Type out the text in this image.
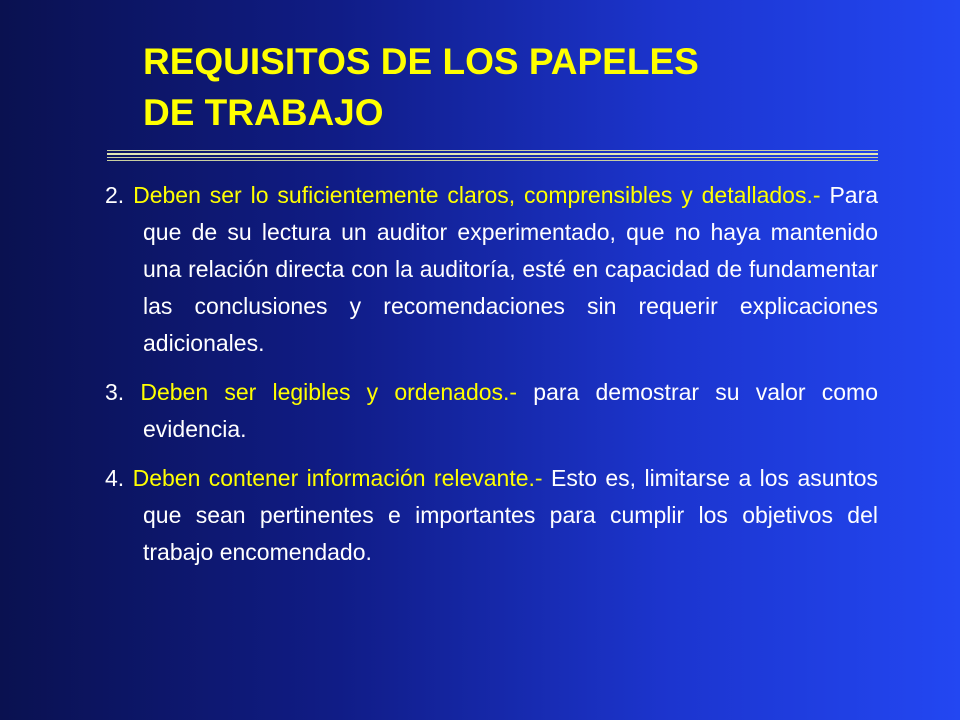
REQUISITOS DE LOS PAPELES
DE TRABAJO

2. Deben ser lo suficientemente claros, comprensibles y detallados.- Para que de su lectura un auditor experimentado, que no haya mantenido una relación directa con la auditoría, esté en capacidad de fundamentar las conclusiones y recomendaciones sin requerir explicaciones adicionales.

3. Deben ser legibles y ordenados.- para demostrar su valor como evidencia.

4. Deben contener información relevante.- Esto es, limitarse a los asuntos que sean pertinentes e importantes para cumplir los objetivos del trabajo encomendado.
